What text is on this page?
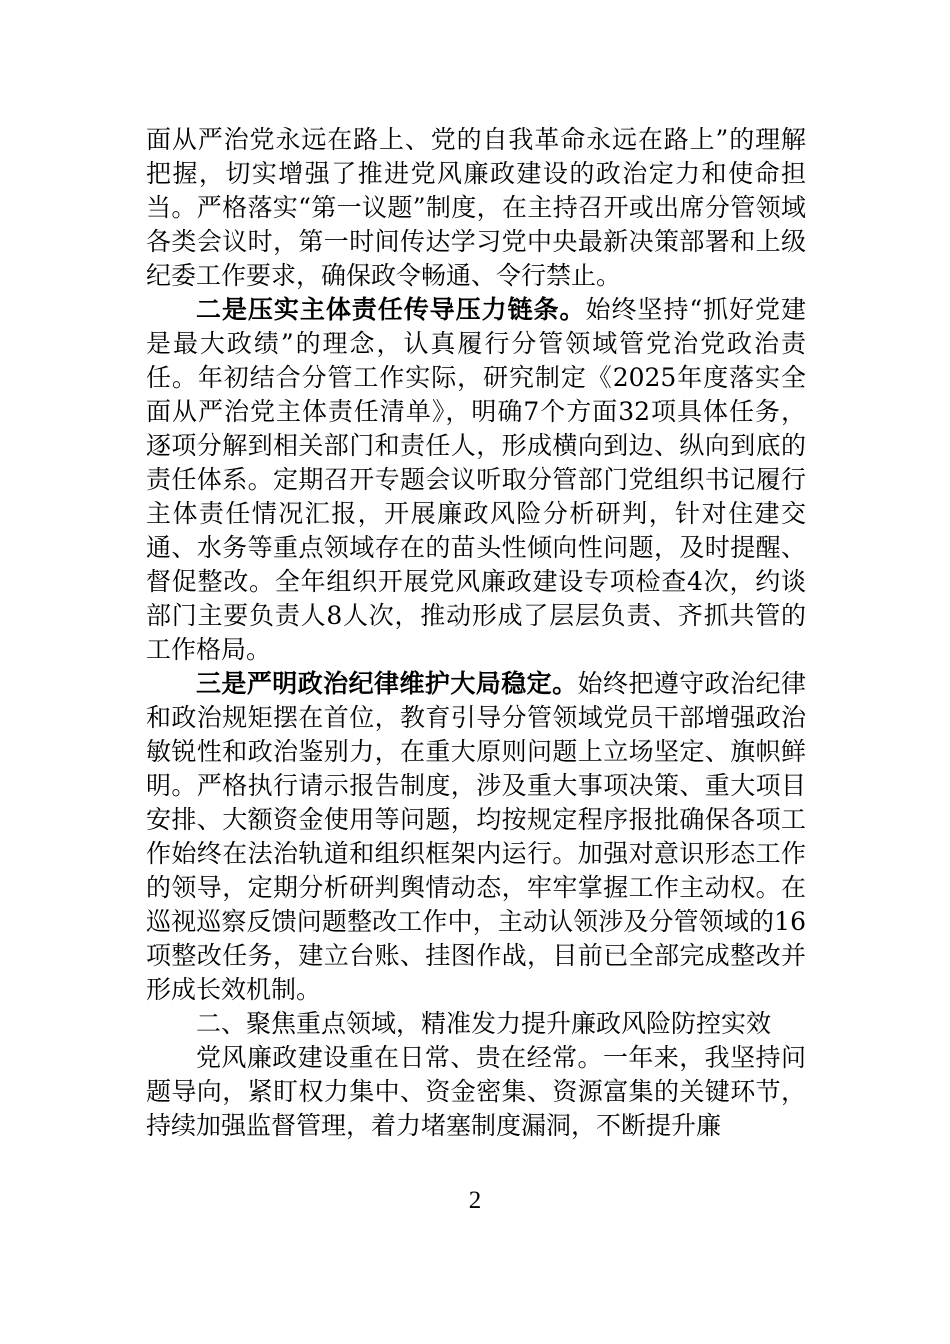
面从严治党永远在路上、党的自我革命永远在路上”的理解把握，切实增强了推进党风廉政建设的政治定力和使命担当。严格落实“第一议题”制度，在主持召开或出席分管领域各类会议时，第一时间传达学习党中央最新决策部署和上级纪委工作要求，确保政令畅通、令行禁止。

二是压实主体责任传导压力链条。始终坚持“抓好党建是最大政绩”的理念，认真履行分管领域管党治党政治责任。年初结合分管工作实际，研究制定《2025年度落实全面从严治党主体责任清单》，明确7个方面32项具体任务，逐项分解到相关部门和责任人，形成横向到边、纵向到底的责任体系。定期召开专题会议听取分管部门党组织书记履行主体责任情况汇报，开展廉政风险分析研判，针对住建交通、水务等重点领域存在的苗头性倾向性问题，及时提醒、督促整改。全年组织开展党风廉政建设专项检查4次，约谈部门主要负责人8人次，推动形成了层层负责、齐抓共管的工作格局。

三是严明政治纪律维护大局稳定。始终把遵守政治纪律和政治规矩摆在首位，教育引导分管领域党员干部增强政治敏锐性和政治鉴别力，在重大原则问题上立场坚定、旗帜鲜明。严格执行请示报告制度，涉及重大事项决策、重大项目安排、大额资金使用等问题，均按规定程序报批确保各项工作始终在法治轨道和组织框架内运行。加强对意识形态工作的领导，定期分析研判舆情动态，牢牢掌握工作主动权。在巡视巡察反馈问题整改工作中，主动认领涉及分管领域的16项整改任务，建立台账、挂图作战，目前已全部完成整改并形成长效机制。

二、聚焦重点领域，精准发力提升廉政风险防控实效

党风廉政建设重在日常、贵在经常。一年来，我坚持问题导向，紧盯权力集中、资金密集、资源富集的关键环节，持续加强监督管理，着力堵塞制度漏洞，不断提升廉

2
